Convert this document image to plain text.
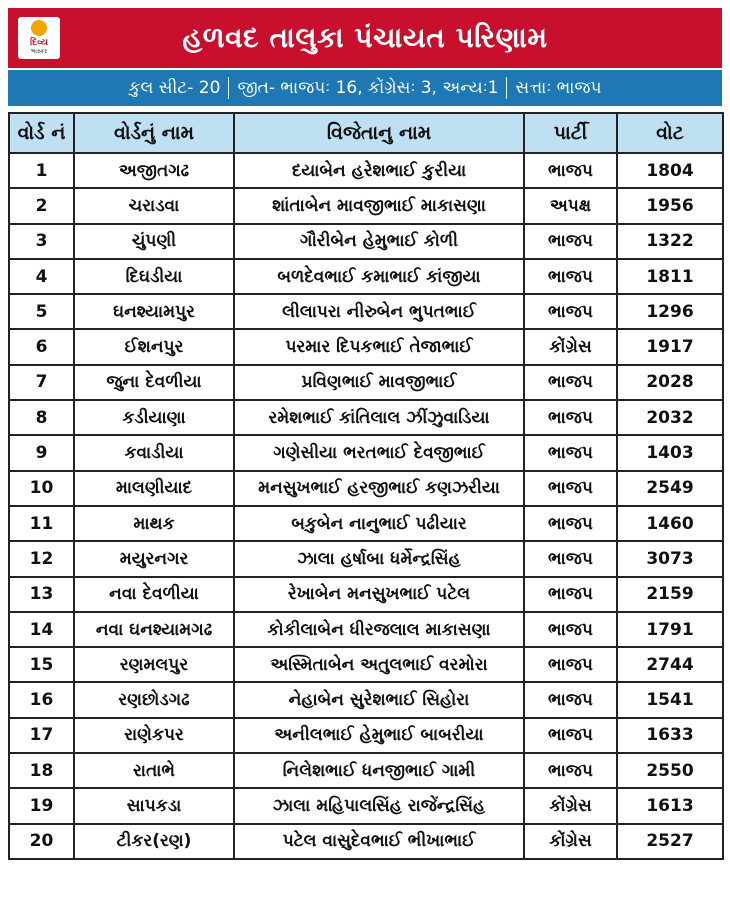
દિવ્ય
ભાસ્કર	હળવદ તાલુકા પંચાયત પરિણામ
કુલ સીટ- 20 જીત- ભાજપઃ 16, કોંગ્રેસઃ 3, અન્યઃ1 સત્તાઃ ભાજપ
વોર્ડ નં	વોર્ડનું નામ	વિજેતાનુ નામ	પાર્ટી	વોટ
1	અજીતગઢ	દયાબેન હરેશભાઈ કુરીયા	ભાજપ	1804
2	ચરાડવા	શાંતાબેન માવજીભાઈ માકાસણા	અપક્ષ	1956
3	ચુંપણી	ગૌરીબેન હેમુભાઈ કોળી	ભાજપ	1322
4	દિઘડીયા	બળદેવભાઈ કમાભાઈ કાંજીયા	ભાજપ	1811
5	ઘનશ્યામપુર	લીલાપરા નીરુબેન ભુપતભાઈ	ભાજપ	1296
6	ઈશનપુર	પરમાર દિપકભાઈ તેજાભાઈ	કોંગ્રેસ	1917
7	જુના દેવળીયા	પ્રવિણભાઈ માવજીભાઈ	ભાજપ	2028
8	કડીયાણા	રમેશભાઈ કાંતિલાલ ઝીંઝુવાડિયા	ભાજપ	2032
9	કવાડીયા	ગણેસીયા ભરતભાઈ દેવજીભાઈ	ભાજપ	1403
10	માલણીયાદ	મનસુખભાઈ હરજીભાઈ કણઝરીયા	ભાજપ	2549
11	માથક	બકુબેન નાનુભાઈ પઢીયાર	ભાજપ	1460
12	મયુરનગર	ઝાલા હર્ષાબા ધર્મેન્દ્રસિંહ	ભાજપ	3073
13	નવા દેવળીયા	રેખાબેન મનસુખભાઈ પટેલ	ભાજપ	2159
14	નવા ઘનશ્યામગઢ	કોકીલાબેન ધીરજલાલ માકાસણા	ભાજપ	1791
15	રણમલપુર	અસ્મિતાબેન અતુલભાઈ વરમોરા	ભાજપ	2744
16	રણછોડગઢ	નેહાબેન સુરેશભાઈ સિહોરા	ભાજપ	1541
17	રાણેકપર	અનીલભાઈ હેમુભાઈ બાબરીયા	ભાજપ	1633
18	રાતાભે	નિલેશભાઈ ધનજીભાઈ ગામી	ભાજપ	2550
19	સાપકડા	ઝાલા મહિપાલસિંહ રાજેંન્દ્રસિંહ	કોંગ્રેસ	1613
20	ટીકર(રણ)	પટેલ વાસુદેવભાઈ ભીખાભાઈ	કોંગ્રેસ	2527
